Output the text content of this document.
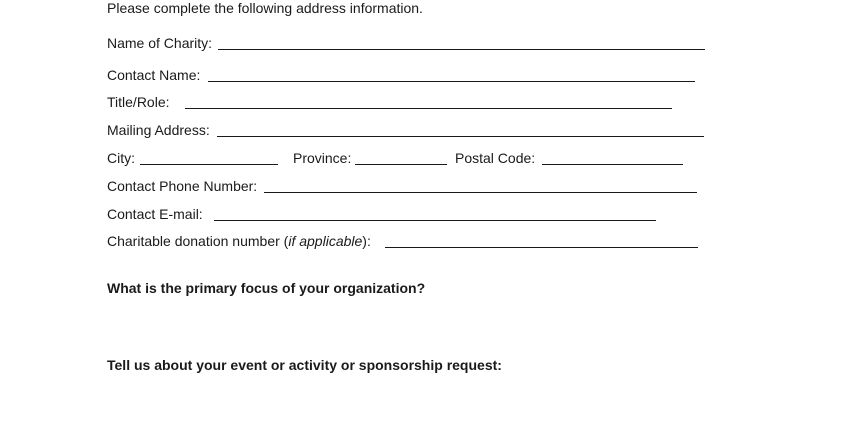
Please complete the following address information.
Name of Charity:
Contact Name:
Title/Role:
Mailing Address:
City:	Province:	Postal Code:
Contact Phone Number:
Contact E-mail:
Charitable donation number (if applicable):
What is the primary focus of your organization?
Tell us about your event or activity or sponsorship request:
